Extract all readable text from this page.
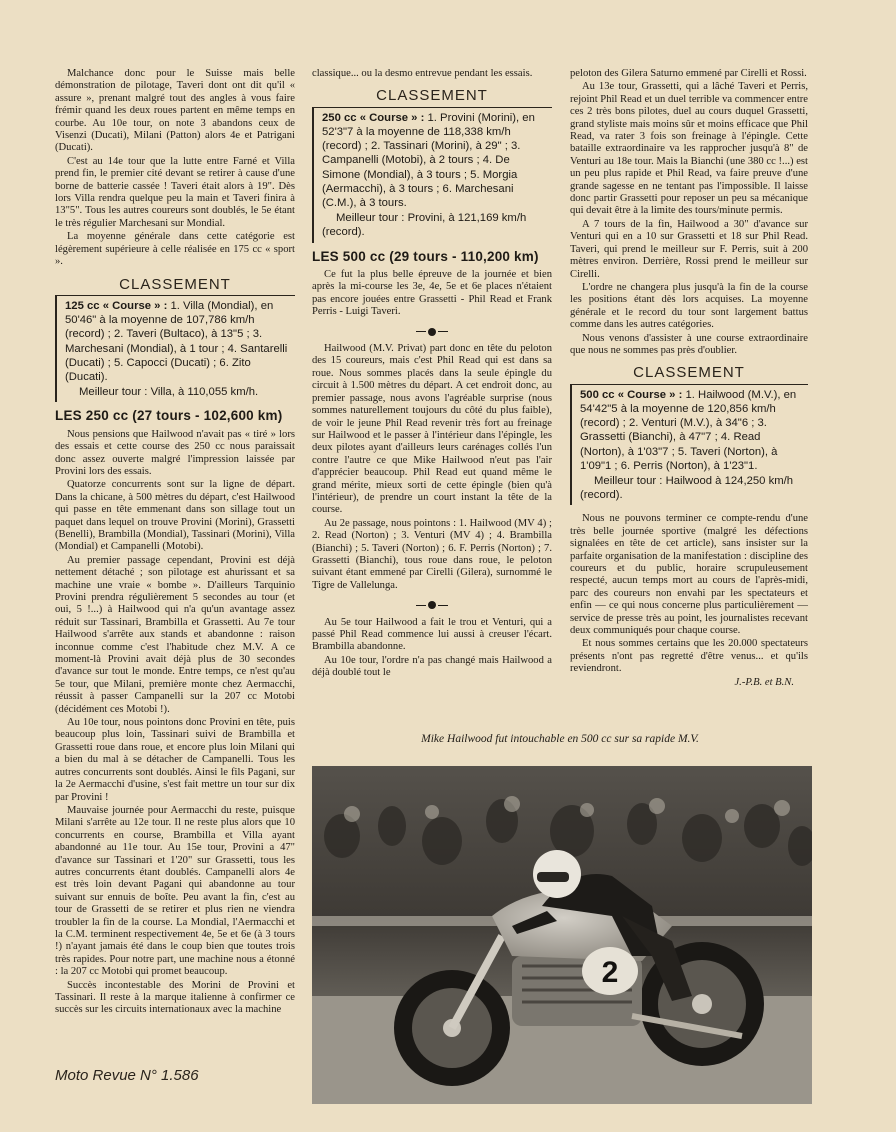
Malchance donc pour le Suisse mais belle démonstration de pilotage, Taveri dont ont dit qu'il « assure », prenant malgré tout des angles à vous faire frémir quand les deux roues partent en même temps en courbe. Au 10e tour, on note 3 abandons ceux de Visenzi (Ducati), Milani (Patton) alors 4e et Patrigani (Ducati).

C'est au 14e tour que la lutte entre Farné et Villa prend fin, le premier cité devant se retirer à cause d'une borne de batterie cassée ! Taveri était alors à 19". Dès lors Villa rendra quelque peu la main et Taveri finira à 13"5". Tous les autres coureurs sont doublés, le 5e étant le très régulier Marchesani sur Mondial.

La moyenne générale dans cette catégorie est légèrement supérieure à celle réalisée en 175 cc « sport ».

CLASSEMENT
125 cc « Course » : 1. Villa (Mondial), en 50'46" à la moyenne de 107,786 km/h (record) ; 2. Taveri (Bultaco), à 13"5 ; 3. Marchesani (Mondial), à 1 tour ; 4. Santarelli (Ducati) ; 5. Capocci (Ducati) ; 6. Zito (Ducati).
Meilleur tour : Villa, à 110,055 km/h.
LES 250 cc (27 tours - 102,600 km)

Nous pensions que Hailwood n'avait pas « tiré » lors des essais et cette course des 250 cc nous paraissait donc assez ouverte malgré l'impression laissée par Provini lors des essais.

Quatorze concurrents sont sur la ligne de départ. Dans la chicane, à 500 mètres du départ, c'est Hailwood qui passe en tête emmenant dans son sillage tout un paquet dans lequel on trouve Provini (Morini), Grassetti (Benelli), Brambilla (Mondial), Tassinari (Morini), Villa (Mondial) et Campanelli (Motobi).

Au premier passage cependant, Provini est déjà nettement détaché ; son pilotage est ahurissant et sa machine une vraie « bombe ». D'ailleurs Tarquinio Provini prendra régulièrement 5 secondes au tour (et oui, 5 !...) à Hailwood qui n'a qu'un avantage assez réduit sur Tassinari, Brambilla et Grassetti. Au 7e tour Hailwood s'arrête aux stands et abandonne : raison inconnue comme c'est l'habitude chez M.V. A ce moment-là Provini avait déjà plus de 30 secondes d'avance sur tout le monde. Entre temps, ce n'est qu'au 5e tour, que Milani, première monte chez Aermacchi, réussit à passer Campanelli sur la 207 cc Motobi (décidément ces Motobi !).

Au 10e tour, nous pointons donc Provini en tête, puis beaucoup plus loin, Tassinari suivi de Brambilla et Grassetti roue dans roue, et encore plus loin Milani qui a bien du mal à se détacher de Campanelli. Tous les autres concurrents sont doublés. Ainsi le fils Pagani, sur la 2e Aermacchi d'usine, s'est fait mettre un tour sur dix par Provini !

Mauvaise journée pour Aermacchi du reste, puisque Milani s'arrête au 12e tour. Il ne reste plus alors que 10 concurrents en course, Brambilla et Villa ayant abandonné au 11e tour. Au 15e tour, Provini a 47" d'avance sur Tassinari et 1'20" sur Grassetti, tous les autres concurrents étant doublés. Campanelli alors 4e est très loin devant Pagani qui abandonne au tour suivant sur ennuis de boîte. Peu avant la fin, c'est au tour de Grassetti de se retirer et plus rien ne viendra troubler la fin de la course. La Mondial, l'Aermacchi et la C.M. terminent respectivement 4e, 5e et 6e (à 3 tours !) n'ayant jamais été dans le coup bien que toutes trois très rapides. Pour notre part, une machine nous a étonné : la 207 cc Motobi qui promet beaucoup.

Succès incontestable des Morini de Provini et Tassinari. Il reste à la marque italienne à confirmer ce succès sur les circuits internationaux avec la machine

classique... ou la desmo entrevue pendant les essais.

CLASSEMENT
250 cc « Course » : 1. Provini (Morini), en 52'3"7 à la moyenne de 118,338 km/h (record) ; 2. Tassinari (Morini), à 29" ; 3. Campanelli (Motobi), à 2 tours ; 4. De Simone (Mondial), à 3 tours ; 5. Morgia (Aermacchi), à 3 tours ; 6. Marchesani (C.M.), à 3 tours.
Meilleur tour : Provini, à 121,169 km/h (record).
LES 500 cc (29 tours - 110,200 km)

Ce fut la plus belle épreuve de la journée et bien après la mi-course les 3e, 4e, 5e et 6e places n'étaient pas encore jouées entre Grassetti - Phil Read et Frank Perris - Luigi Taveri.

Hailwood (M.V. Privat) part donc en tête du peloton des 15 coureurs, mais c'est Phil Read qui est dans sa roue. Nous sommes placés dans la seule épingle du circuit à 1.500 mètres du départ. A cet endroit donc, au premier passage, nous avons l'agréable surprise (nous sommes naturellement toujours du côté du plus faible), de voir le jeune Phil Read revenir très fort au freinage sur Hailwood et le passer à l'intérieur dans l'épingle, les deux pilotes ayant d'ailleurs leurs carénages collés l'un contre l'autre ce que Mike Hailwood n'eut pas l'air d'apprécier beaucoup. Phil Read eut quand même le grand mérite, mieux sorti de cette épingle (bien qu'à l'intérieur), de prendre un court instant la tête de la course.

Au 2e passage, nous pointons : 1. Hailwood (MV 4) ; 2. Read (Norton) ; 3. Venturi (MV 4) ; 4. Brambilla (Bianchi) ; 5. Taveri (Norton) ; 6. F. Perris (Norton) ; 7. Grassetti (Bianchi), tous roue dans roue, le peloton suivant étant emmené par Cirelli (Gilera), surnommé le Tigre de Vallelunga.

Au 5e tour Hailwood a fait le trou et Venturi, qui a passé Phil Read commence lui aussi à creuser l'écart. Brambilla abandonne.

Au 10e tour, l'ordre n'a pas changé mais Hailwood a déjà doublé tout le

peloton des Gilera Saturno emmené par Cirelli et Rossi.

Au 13e tour, Grassetti, qui a lâché Taveri et Perris, rejoint Phil Read et un duel terrible va commencer entre ces 2 très bons pilotes, duel au cours duquel Grassetti, grand styliste mais moins sûr et moins efficace que Phil Read, va rater 3 fois son freinage à l'épingle. Cette bataille extraordinaire va les rapprocher jusqu'à 8" de Venturi au 18e tour. Mais la Bianchi (une 380 cc !...) est un peu plus rapide et Phil Read, va faire preuve d'une grande sagesse en ne tentant pas l'impossible. Il laisse donc partir Grassetti pour reposer un peu sa mécanique qui devait être à la limite des tours/minute permis.

A 7 tours de la fin, Hailwood a 30" d'avance sur Venturi qui en a 10 sur Grassetti et 18 sur Phil Read. Taveri, qui prend le meilleur sur F. Perris, suit à 200 mètres environ. Derrière, Rossi prend le meilleur sur Cirelli.

L'ordre ne changera plus jusqu'à la fin de la course les positions étant dès lors acquises. La moyenne générale et le record du tour sont largement battus comme dans les autres catégories.

Nous venons d'assister à une course extraordinaire que nous ne sommes pas près d'oublier.

CLASSEMENT
500 cc « Course » : 1. Hailwood (M.V.), en 54'42"5 à la moyenne de 120,856 km/h (record) ; 2. Venturi (M.V.), à 34"6 ; 3. Grassetti (Bianchi), à 47"7 ; 4. Read (Norton), à 1'03"7 ; 5. Taveri (Norton), à 1'09"1 ; 6. Perris (Norton), à 1'23"1.
Meilleur tour : Hailwood à 124,250 km/h (record).

Nous ne pouvons terminer ce compte-rendu d'une très belle journée sportive (malgré les défections signalées en tête de cet article), sans insister sur la parfaite organisation de la manifestation : discipline des coureurs et du public, horaire scrupuleusement respecté, aucun temps mort au cours de l'après-midi, parc des coureurs non envahi par les spectateurs et enfin — ce qui nous concerne plus particulièrement — service de presse très au point, les journalistes recevant deux communiqués pour chaque course.

Et nous sommes certains que les 20.000 spectateurs présents n'ont pas regretté d'être venus... et qu'ils reviendront.

J.-P.B. et B.N.
Mike Hailwood fut intouchable en 500 cc sur sa rapide M.V.
2
Moto Revue N° 1.586
